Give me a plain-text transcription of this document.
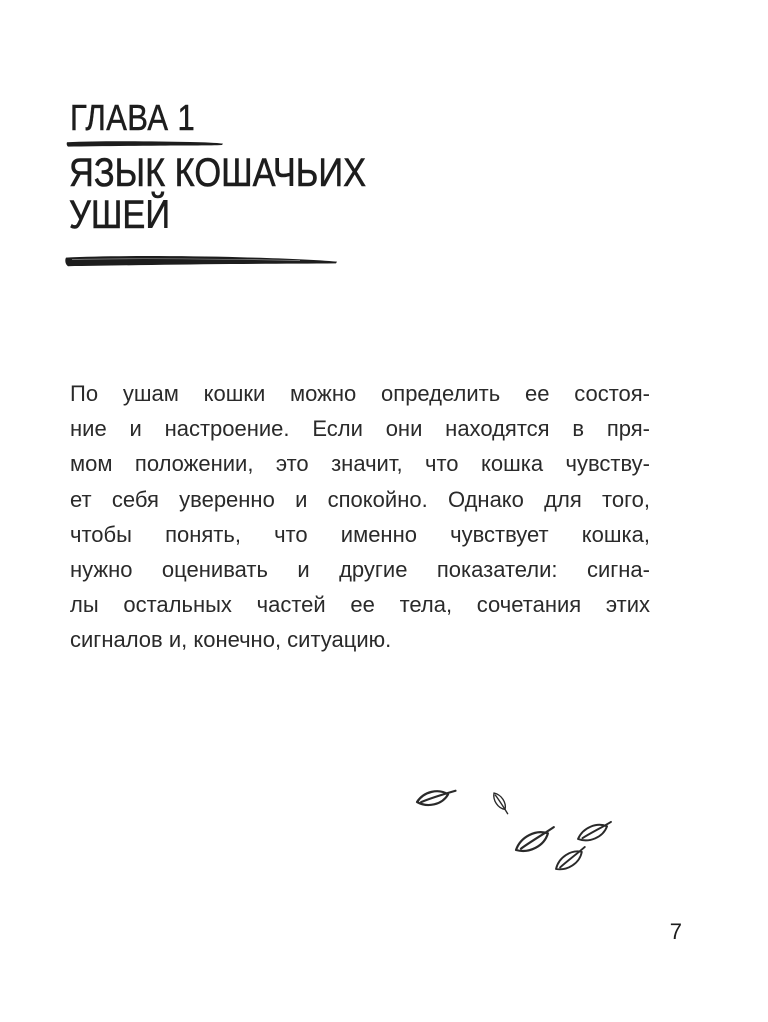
ГЛАВА 1
ЯЗЫК КОШАЧЬИХ
УШЕЙ
По ушам кошки можно определить ее состоя-
ние и настроение. Если они находятся в пря-
мом положении, это значит, что кошка чувству-
ет себя уверенно и спокойно. Однако для того,
чтобы понять, что именно чувствует кошка,
нужно оценивать и другие показатели: сигна-
лы остальных частей ее тела, сочетания этих
сигналов и, конечно, ситуацию.
7
